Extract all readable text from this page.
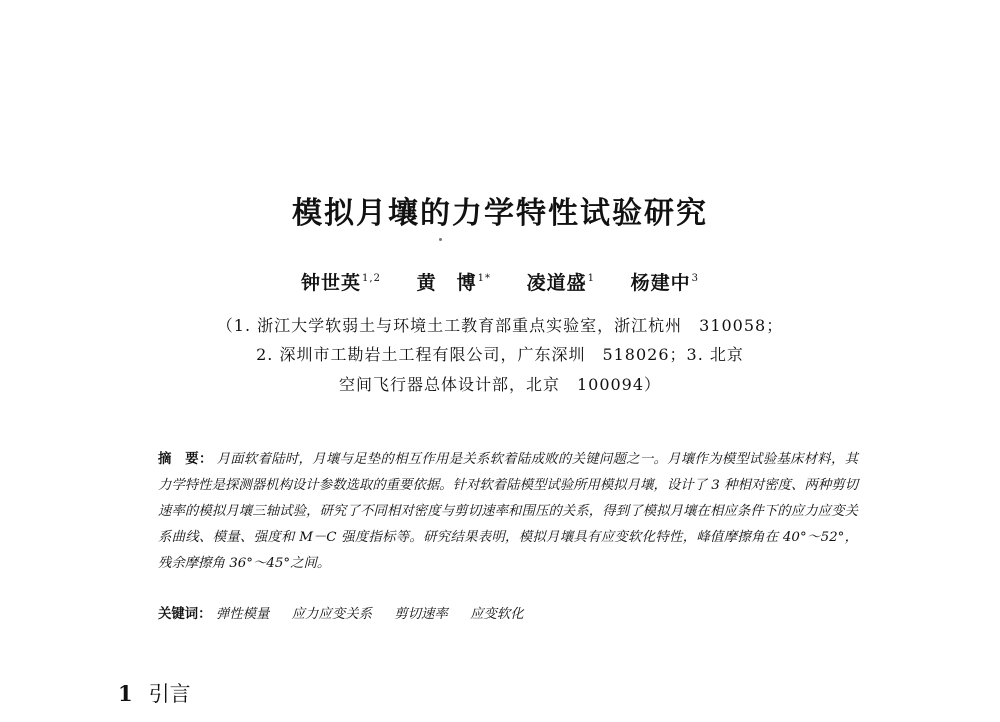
模拟月壤的力学特性试验研究
钟世英$^{1,2}$ 黄　博$^{1*}$ 凌道盛$^1$ 杨建中$^3$
（1. 浙江大学软弱土与环境土工教育部重点实验室，浙江杭州　310058；
2. 深圳市工勘岩土工程有限公司，广东深圳　518026；3. 北京
空间飞行器总体设计部，北京　100094）
摘　要： 月面软着陆时，月壤与足垫的相互作用是关系软着陆成败的关键问题之一。月壤作为模型试验基床材料，其力学特性是探测器机构设计参数选取的重要依据。针对软着陆模型试验所用模拟月壤，设计了 3 种相对密度、两种剪切速率的模拟月壤三轴试验，研究了不同相对密度与剪切速率和围压的关系，得到了模拟月壤在相应条件下的应力应变关系曲线、模量、强度和 M－C 强度指标等。研究结果表明，模拟月壤具有应变软化特性，峰值摩擦角在 40°～52°，残余摩擦角 36°～45°之间。
关键词： 弹性模量 应力应变关系 剪切速率 应变软化
1 引言
